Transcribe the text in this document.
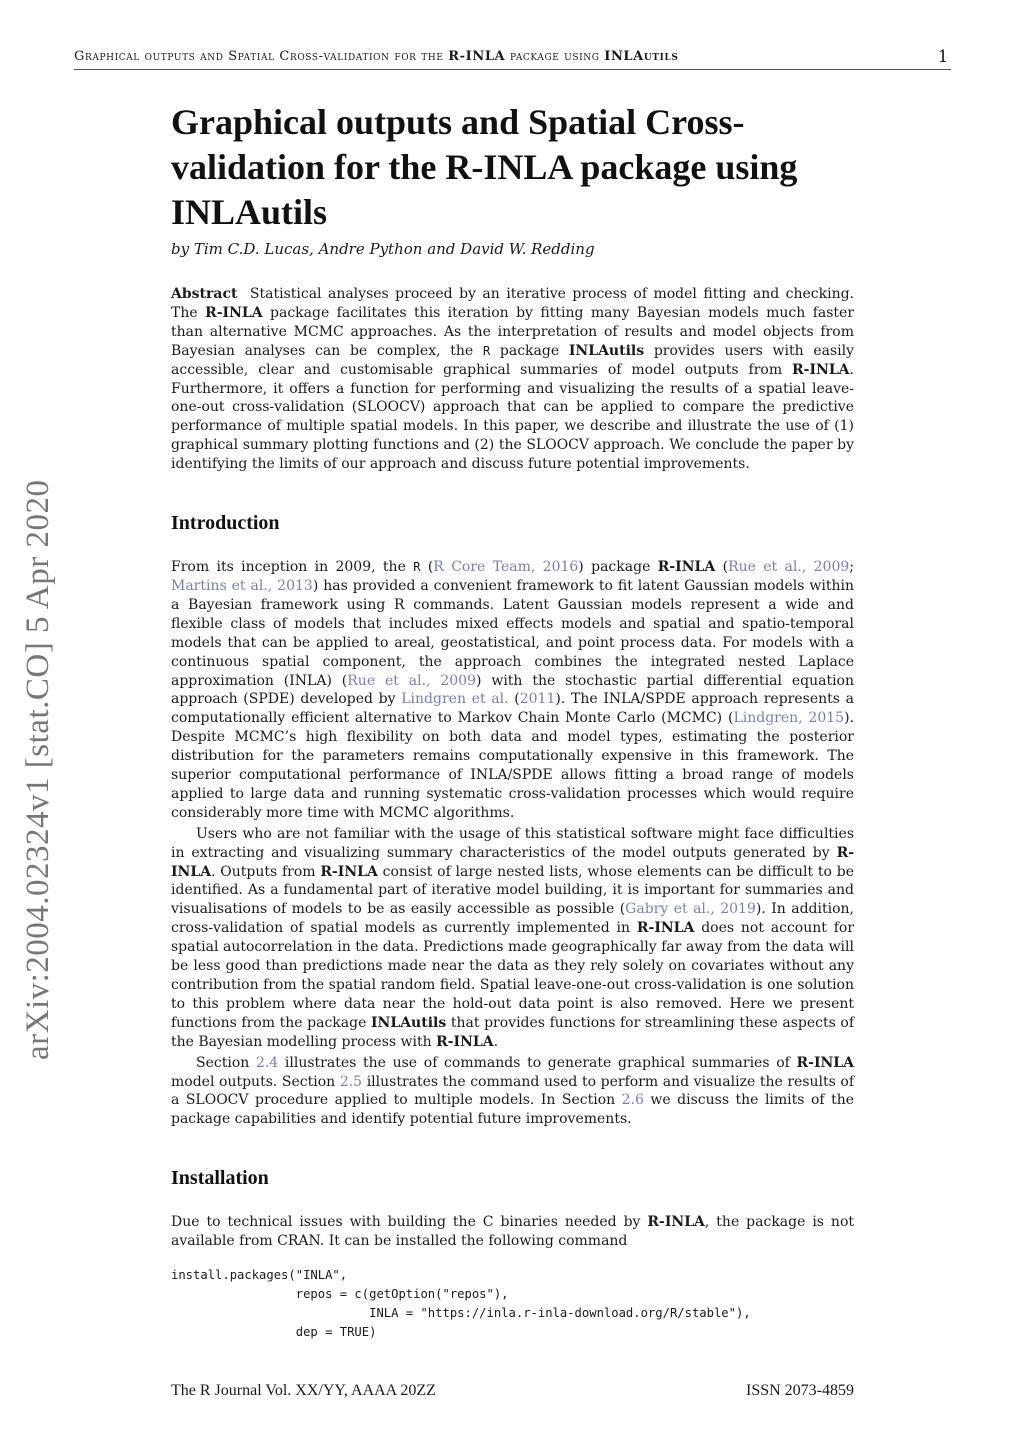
Graphical outputs and Spatial Cross-validation for the R-INLA package using INLAutils	1
arXiv:2004.02324v1 [stat.CO] 5 Apr 2020
Graphical outputs and Spatial Cross-validation for the R-INLA package using INLAutils
by Tim C.D. Lucas, Andre Python and David W. Redding
Abstract Statistical analyses proceed by an iterative process of model fitting and checking. The R-INLA package facilitates this iteration by fitting many Bayesian models much faster than alternative MCMC approaches. As the interpretation of results and model objects from Bayesian analyses can be complex, the R package INLAutils provides users with easily accessible, clear and customisable graphical summaries of model outputs from R-INLA. Furthermore, it offers a function for performing and visualizing the results of a spatial leave-one-out cross-validation (SLOOCV) approach that can be applied to compare the predictive performance of multiple spatial models. In this paper, we describe and illustrate the use of (1) graphical summary plotting functions and (2) the SLOOCV approach. We conclude the paper by identifying the limits of our approach and discuss future potential improvements.
Introduction

From its inception in 2009, the R (R Core Team, 2016) package R-INLA (Rue et al., 2009; Martins et al., 2013) has provided a convenient framework to fit latent Gaussian models within a Bayesian framework using R commands. Latent Gaussian models represent a wide and flexible class of models that includes mixed effects models and spatial and spatio-temporal models that can be applied to areal, geostatistical, and point process data. For models with a continuous spatial component, the approach combines the integrated nested Laplace approximation (INLA) (Rue et al., 2009) with the stochastic partial differential equation approach (SPDE) developed by Lindgren et al. (2011). The INLA/SPDE approach represents a computationally efficient alternative to Markov Chain Monte Carlo (MCMC) (Lindgren, 2015). Despite MCMC’s high flexibility on both data and model types, estimating the posterior distribution for the parameters remains computationally expensive in this framework. The superior computational performance of INLA/SPDE allows fitting a broad range of models applied to large data and running systematic cross-validation processes which would require considerably more time with MCMC algorithms.

Users who are not familiar with the usage of this statistical software might face difficulties in extracting and visualizing summary characteristics of the model outputs generated by R-INLA. Outputs from R-INLA consist of large nested lists, whose elements can be difficult to be identified. As a fundamental part of iterative model building, it is important for summaries and visualisations of models to be as easily accessible as possible (Gabry et al., 2019). In addition, cross-validation of spatial models as currently implemented in R-INLA does not account for spatial autocorrelation in the data. Predictions made geographically far away from the data will be less good than predictions made near the data as they rely solely on covariates without any contribution from the spatial random field. Spatial leave-one-out cross-validation is one solution to this problem where data near the hold-out data point is also removed. Here we present functions from the package INLAutils that provides functions for streamlining these aspects of the Bayesian modelling process with R-INLA.

Section 2.4 illustrates the use of commands to generate graphical summaries of R-INLA model outputs. Section 2.5 illustrates the command used to perform and visualize the results of a SLOOCV procedure applied to multiple models. In Section 2.6 we discuss the limits of the package capabilities and identify potential future improvements.

Installation

Due to technical issues with building the C binaries needed by R-INLA, the package is not available from CRAN. It can be installed the following command

install.packages("INLA",
repos = c(getOption("repos"),
INLA = "https://inla.r-inla-download.org/R/stable"),
dep = TRUE)
The R Journal Vol. XX/YY, AAAA 20ZZ	ISSN 2073-4859
